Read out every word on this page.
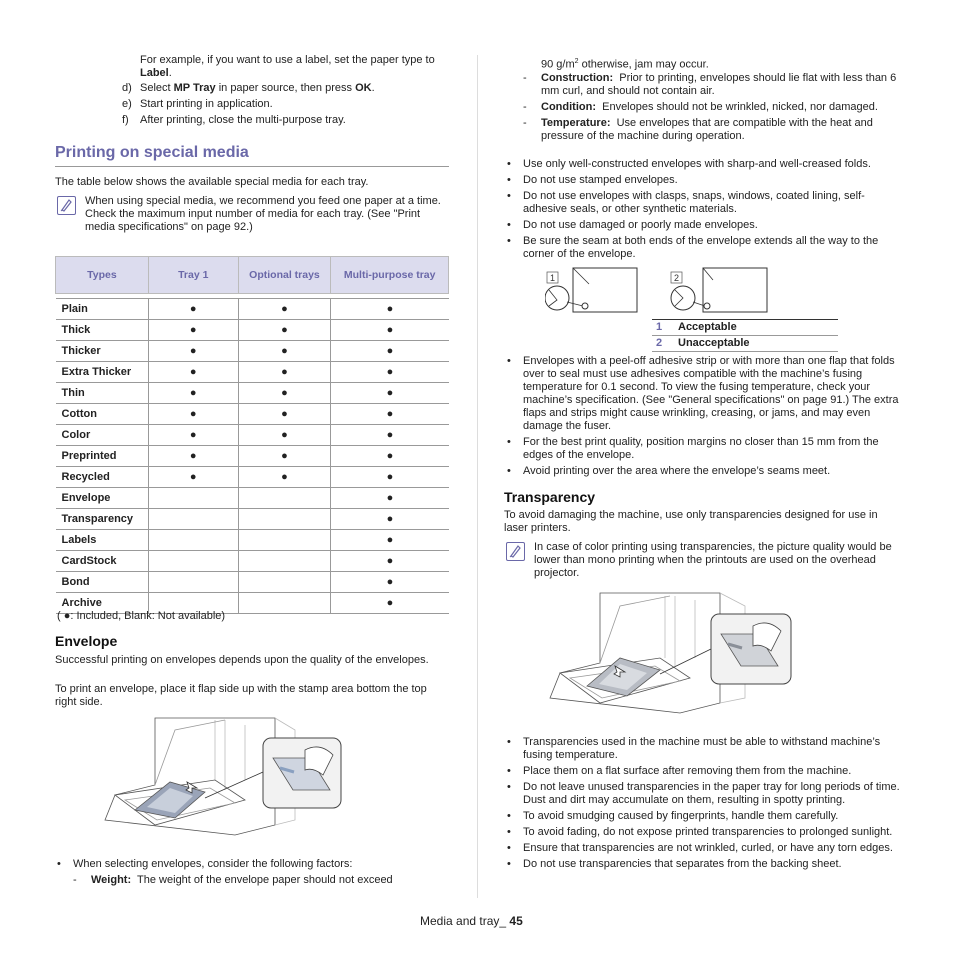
For example, if you want to use a label, set the paper type to Label.
d) Select MP Tray in paper source, then press OK.
e) Start printing in application.
f)	After printing, close the multi-purpose tray.
Printing on special media
The table below shows the available special media for each tray.
When using special media, we recommend you feed one paper at a time. Check the maximum input number of media for each tray. (See "Print media specifications" on page 92.)
Types	Tray 1	Optional trays	Multi-purpose tray

Plain	●	●	●
Thick	●	●	●
Thicker	●	●	●
Extra Thicker	●	●	●
Thin	●	●	●
Cotton	●	●	●
Color	●	●	●
Preprinted	●	●	●
Recycled	●	●	●
Envelope			●
Transparency			●
Labels			●
CardStock			●
Bond			●
Archive			●
( ●: Included, Blank: Not available)
Envelope
Successful printing on envelopes depends upon the quality of the envelopes.
To print an envelope, place it flap side up with the stamp area bottom the top right side.
•	When selecting envelopes, consider the following factors:
-	Weight: The weight of the envelope paper should not exceed
90 $g/m^2$ otherwise, jam may occur.
-	Construction: Prior to printing, envelopes should lie flat with less than 6 mm curl, and should not contain air.
-	Condition: Envelopes should not be wrinkled, nicked, nor damaged.
-	Temperature: Use envelopes that are compatible with the heat and pressure of the machine during operation.
•	Use only well-constructed envelopes with sharp-and well-creased folds.
•	Do not use stamped envelopes.
•	Do not use envelopes with clasps, snaps, windows, coated lining, self-adhesive seals, or other synthetic materials.
•	Do not use damaged or poorly made envelopes.
•	Be sure the seam at both ends of the envelope extends all the way to the corner of the envelope.
1	2
1	Acceptable
2	Unacceptable
•	Envelopes with a peel-off adhesive strip or with more than one flap that folds over to seal must use adhesives compatible with the machine’s fusing temperature for 0.1 second. To view the fusing temperature, check your machine’s specification. (See "General specifications" on page 91.) The extra flaps and strips might cause wrinkling, creasing, or jams, and may even damage the fuser.
•	For the best print quality, position margins no closer than 15 mm from the edges of the envelope.
•	Avoid printing over the area where the envelope’s seams meet.
Transparency
To avoid damaging the machine, use only transparencies designed for use in laser printers.
In case of color printing using transparencies, the picture quality would be lower than mono printing when the printouts are used on the overhead projector.
•	Transparencies used in the machine must be able to withstand machine’s fusing temperature.
•	Place them on a flat surface after removing them from the machine.
•	Do not leave unused transparencies in the paper tray for long periods of time. Dust and dirt may accumulate on them, resulting in spotty printing.
•	To avoid smudging caused by fingerprints, handle them carefully.
•	To avoid fading, do not expose printed transparencies to prolonged sunlight.
•	Ensure that transparencies are not wrinkled, curled, or have any torn edges.
•	Do not use transparencies that separates from the backing sheet.
Media and tray_ 45
